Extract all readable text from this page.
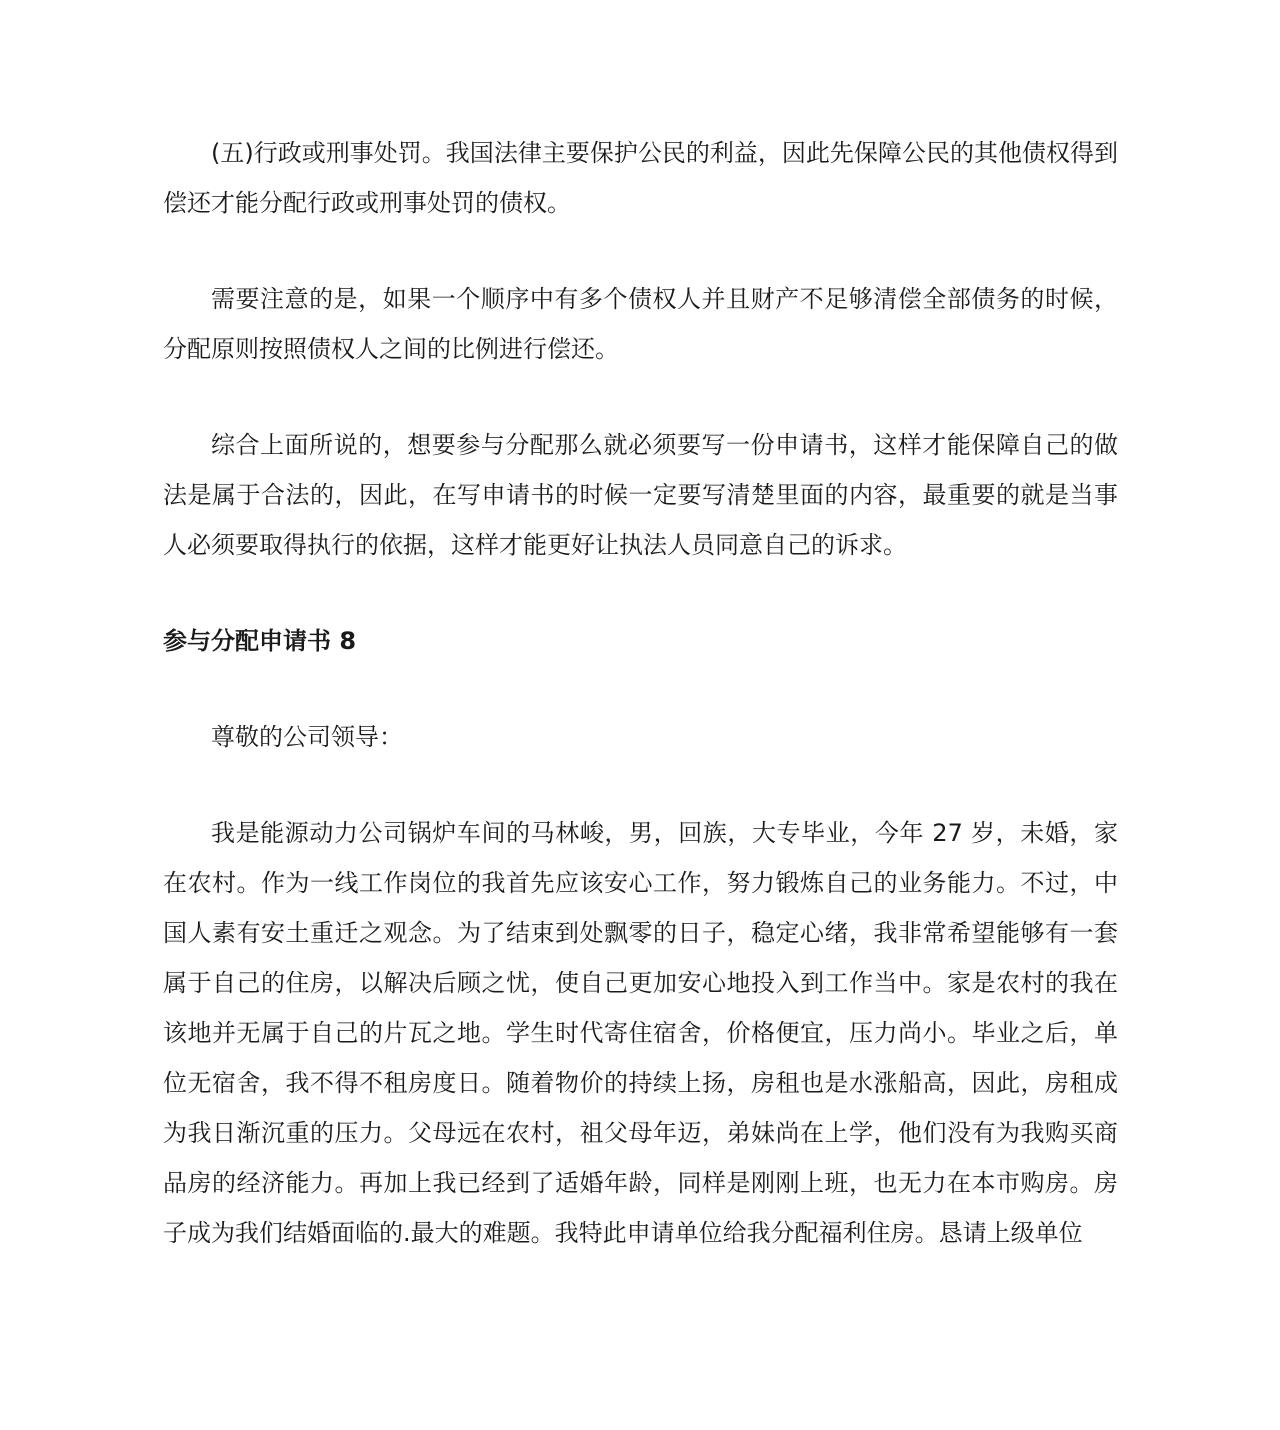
(五)行政或刑事处罚。我国法律主要保护公民的利益，因此先保障公民的其他债权得到偿还才能分配行政或刑事处罚的债权。

需要注意的是，如果一个顺序中有多个债权人并且财产不足够清偿全部债务的时候，分配原则按照债权人之间的比例进行偿还。

综合上面所说的，想要参与分配那么就必须要写一份申请书，这样才能保障自己的做法是属于合法的，因此，在写申请书的时候一定要写清楚里面的内容，最重要的就是当事人必须要取得执行的依据，这样才能更好让执法人员同意自己的诉求。

参与分配申请书 8

尊敬的公司领导：

我是能源动力公司锅炉车间的马林峻，男，回族，大专毕业，今年 27 岁，未婚，家在农村。作为一线工作岗位的我首先应该安心工作，努力锻炼自己的业务能力。不过，中国人素有安土重迁之观念。为了结束到处飘零的日子，稳定心绪，我非常希望能够有一套属于自己的住房，以解决后顾之忧，使自己更加安心地投入到工作当中。家是农村的我在该地并无属于自己的片瓦之地。学生时代寄住宿舍，价格便宜，压力尚小。毕业之后，单位无宿舍，我不得不租房度日。随着物价的持续上扬，房租也是水涨船高，因此，房租成为我日渐沉重的压力。父母远在农村，祖父母年迈，弟妹尚在上学，他们没有为我购买商品房的经济能力。再加上我已经到了适婚年龄，同样是刚刚上班，也无力在本市购房。房子成为我们结婚面临的.最大的难题。我特此申请单位给我分配福利住房。恳请上级单位
